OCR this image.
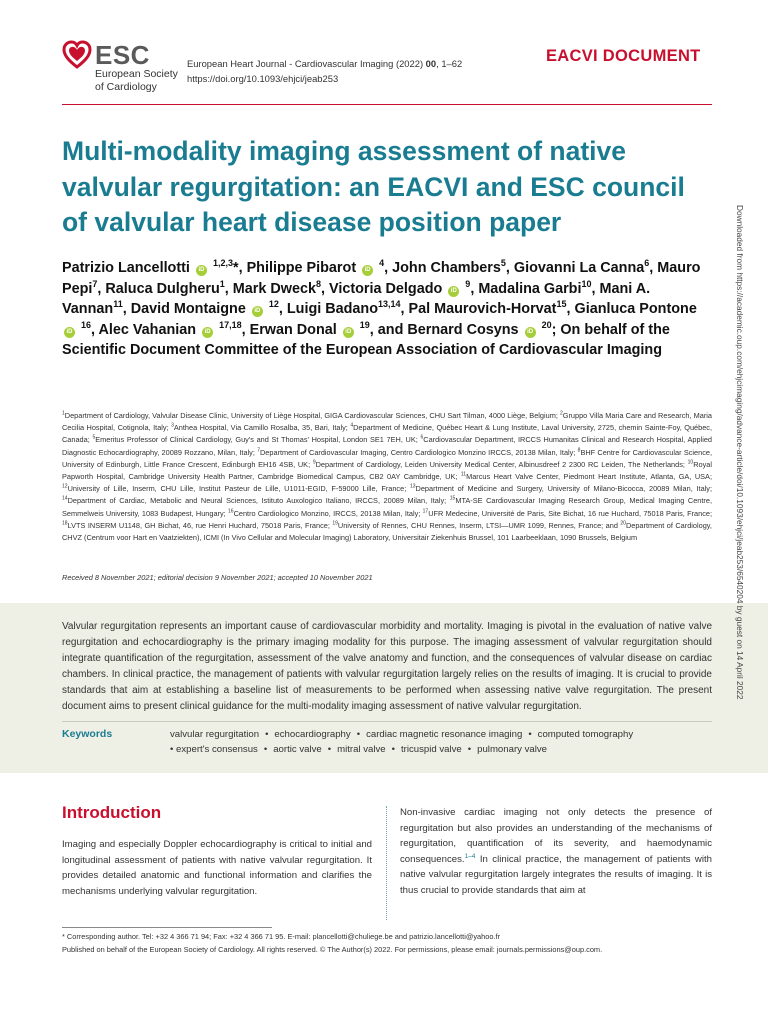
ESC
European Society
of Cardiology
European Heart Journal - Cardiovascular Imaging (2022) 00, 1–62
https://doi.org/10.1093/ehjci/jeab253
EACVI DOCUMENT
Multi-modality imaging assessment of native valvular regurgitation: an EACVI and ESC council of valvular heart disease position paper
Patrizio Lancellotti iD $^{1,2,3}$*, Philippe Pibarot iD $^4$, John Chambers$^5$, Giovanni La Canna$^6$, Mauro Pepi$^7$, Raluca Dulgheru$^1$, Mark Dweck$^8$, Victoria Delgado iD $^9$, Madalina Garbi$^{10}$, Mani A. Vannan$^{11}$, David Montaigne iD $^{12}$, Luigi Badano$^{13,14}$, Pal Maurovich-Horvat$^{15}$, Gianluca Pontone iD $^{16}$, Alec Vahanian iD $^{17,18}$, Erwan Donal iD $^{19}$, and Bernard Cosyns iD $^{20}$; On behalf of the Scientific Document Committee of the European Association of Cardiovascular Imaging
$^1$Department of Cardiology, Valvular Disease Clinic, University of Liège Hospital, GIGA Cardiovascular Sciences, CHU Sart Tilman, 4000 Liège, Belgium; $^2$Gruppo Villa Maria Care and Research, Maria Cecilia Hospital, Cotignola, Italy; $^3$Anthea Hospital, Via Camillo Rosalba, 35, Bari, Italy; $^4$Department of Medicine, Québec Heart & Lung Institute, Laval University, 2725, chemin Sainte-Foy, Québec, Canada; $^5$Emeritus Professor of Clinical Cardiology, Guy's and St Thomas' Hospital, London SE1 7EH, UK; $^6$Cardiovascular Department, IRCCS Humanitas Clinical and Research Hospital, Applied Diagnostic Echocardiography, 20089 Rozzano, Milan, Italy; $^7$Department of Cardiovascular Imaging, Centro Cardiologico Monzino IRCCS, 20138 Milan, Italy; $^8$BHF Centre for Cardiovascular Science, University of Edinburgh, Little France Crescent, Edinburgh EH16 4SB, UK; $^9$Department of Cardiology, Leiden University Medical Center, Albinusdreef 2 2300 RC Leiden, The Netherlands; $^{10}$Royal Papworth Hospital, Cambridge University Health Partner, Cambridge Biomedical Campus, CB2 0AY Cambridge, UK; $^{11}$Marcus Heart Valve Center, Piedmont Heart Institute, Atlanta, GA, USA; $^{12}$University of Lille, Inserm, CHU Lille, Institut Pasteur de Lille, U1011-EGID, F-59000 Lille, France; $^{13}$Department of Medicine and Surgery, University of Milano-Bicocca, 20089 Milan, Italy; $^{14}$Department of Cardiac, Metabolic and Neural Sciences, Istituto Auxologico Italiano, IRCCS, 20089 Milan, Italy; $^{15}$MTA-SE Cardiovascular Imaging Research Group, Medical Imaging Centre, Semmelweis University, 1083 Budapest, Hungary; $^{16}$Centro Cardiologico Monzino, IRCCS, 20138 Milan, Italy; $^{17}$UFR Medecine, Université de Paris, Site Bichat, 16 rue Huchard, 75018 Paris, France; $^{18}$LVTS INSERM U1148, GH Bichat, 46, rue Henri Huchard, 75018 Paris, France; $^{19}$University of Rennes, CHU Rennes, Inserm, LTSI—UMR 1099, Rennes, France; and $^{20}$Department of Cardiology, CHVZ (Centrum voor Hart en Vaatziekten), ICMI (In Vivo Cellular and Molecular Imaging) Laboratory, Universitair Ziekenhuis Brussel, 101 Laarbeeklaan, 1090 Brussels, Belgium
Received 8 November 2021; editorial decision 9 November 2021; accepted 10 November 2021
Valvular regurgitation represents an important cause of cardiovascular morbidity and mortality. Imaging is pivotal in the evaluation of native valve regurgitation and echocardiography is the primary imaging modality for this purpose. The imaging assessment of valvular regurgitation should integrate quantification of the regurgitation, assessment of the valve anatomy and function, and the consequences of valvular disease on cardiac chambers. In clinical practice, the management of patients with valvular regurgitation largely relies on the results of imaging. It is crucial to provide standards that aim at establishing a baseline list of measurements to be performed when assessing native valve regurgitation. The present document aims to present clinical guidance for the multi-modality imaging assessment of native valvular regurgitation.
Keywords	valvular regurgitation • echocardiography • cardiac magnetic resonance imaging • computed tomography
• expert's consensus • aortic valve • mitral valve • tricuspid valve • pulmonary valve
Introduction
Imaging and especially Doppler echocardiography is critical to initial and longitudinal assessment of patients with native valvular regurgitation. It provides detailed anatomic and functional information and clarifies the mechanisms underlying valvular regurgitation.
Non-invasive cardiac imaging not only detects the presence of regurgitation but also provides an understanding of the mechanisms of regurgitation, quantification of its severity, and haemodynamic consequences.$^{1-4}$ In clinical practice, the management of patients with native valvular regurgitation largely integrates the results of imaging. It is thus crucial to provide standards that aim at
* Corresponding author. Tel: +32 4 366 71 94; Fax: +32 4 366 71 95. E-mail: plancellotti@chuliege.be and patrizio.lancellotti@yahoo.fr
Published on behalf of the European Society of Cardiology. All rights reserved. © The Author(s) 2022. For permissions, please email: journals.permissions@oup.com.
Downloaded from https://academic.oup.com/ehjcimaging/advance-article/doi/10.1093/ehjci/jeab253/6540204 by guest on 14 April 2022
